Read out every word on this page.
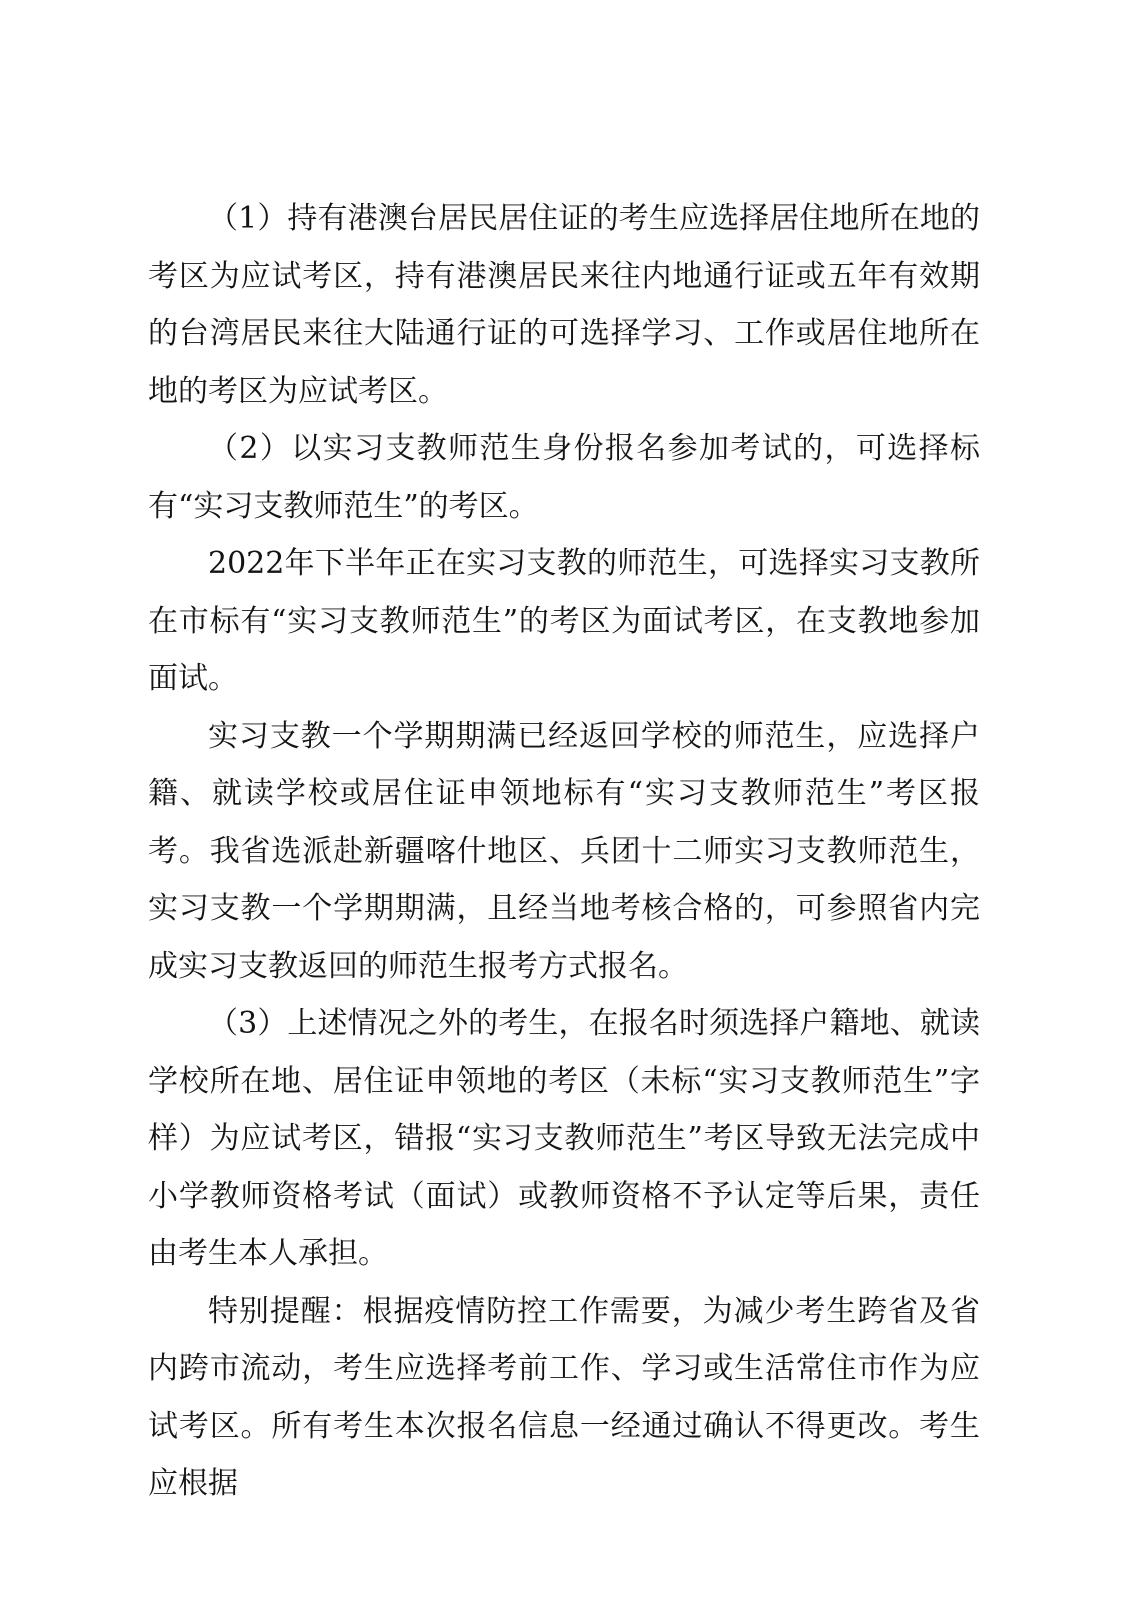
（1）持有港澳台居民居住证的考生应选择居住地所在地的考区为应试考区，持有港澳居民来往内地通行证或五年有效期的台湾居民来往大陆通行证的可选择学习、工作或居住地所在地的考区为应试考区。

（2）以实习支教师范生身份报名参加考试的，可选择标有“实习支教师范生”的考区。

2022年下半年正在实习支教的师范生，可选择实习支教所在市标有“实习支教师范生”的考区为面试考区，在支教地参加面试。

实习支教一个学期期满已经返回学校的师范生，应选择户籍、就读学校或居住证申领地标有“实习支教师范生”考区报考。我省选派赴新疆喀什地区、兵团十二师实习支教师范生，实习支教一个学期期满，且经当地考核合格的，可参照省内完成实习支教返回的师范生报考方式报名。

（3）上述情况之外的考生，在报名时须选择户籍地、就读学校所在地、居住证申领地的考区（未标“实习支教师范生”字样）为应试考区，错报“实习支教师范生”考区导致无法完成中小学教师资格考试（面试）或教师资格不予认定等后果，责任由考生本人承担。

特别提醒：根据疫情防控工作需要，为减少考生跨省及省内跨市流动，考生应选择考前工作、学习或生活常住市作为应试考区。所有考生本次报名信息一经通过确认不得更改。考生应根据
